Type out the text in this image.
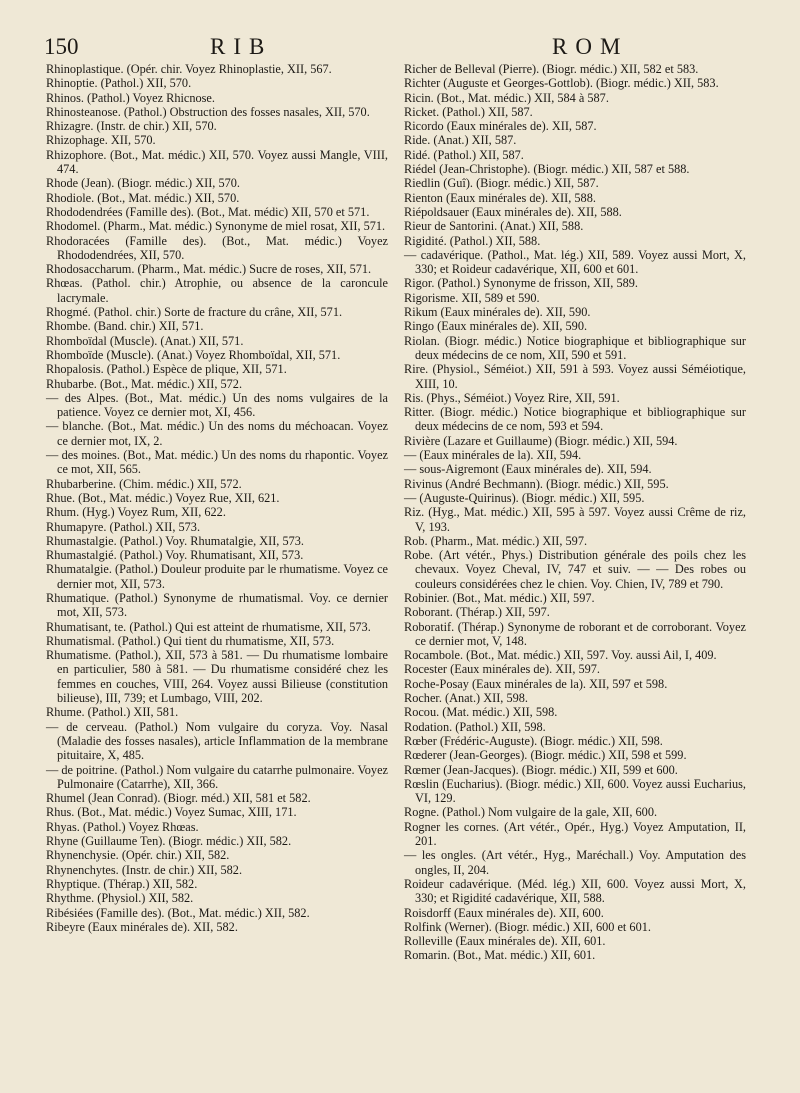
150	RIB	ROM
Rhinoplastique. (Opér. chir. Voyez Rhinoplastie, XII, 567.
Rhinoptie. (Pathol.) XII, 570.
Rhinos. (Pathol.) Voyez Rhicnose.
Rhinosteanose. (Pathol.) Obstruction des fosses nasales, XII, 570.
Rhizagre. (Instr. de chir.) XII, 570.
Rhizophage. XII, 570.
Rhizophore. (Bot., Mat. médic.) XII, 570. Voyez aussi Mangle, VIII, 474.
Rhode (Jean). (Biogr. médic.) XII, 570.
Rhodiole. (Bot., Mat. médic.) XII, 570.
Rhododendrées (Famille des). (Bot., Mat. médic) XII, 570 et 571.
Rhodomel. (Pharm., Mat. médic.) Synonyme de miel rosat, XII, 571.
Rhodoracées (Famille des). (Bot., Mat. médic.) Voyez Rhododendrées, XII, 570.
Rhodosaccharum. (Pharm., Mat. médic.) Sucre de roses, XII, 571.
Rhœas. (Pathol. chir.) Atrophie, ou absence de la caroncule lacrymale.
Rhogmé. (Pathol. chir.) Sorte de fracture du crâne, XII, 571.
Rhombe. (Band. chir.) XII, 571.
Rhomboïdal (Muscle). (Anat.) XII, 571.
Rhomboïde (Muscle). (Anat.) Voyez Rhomboïdal, XII, 571.
Rhopalosis. (Pathol.) Espèce de plique, XII, 571.
Rhubarbe. (Bot., Mat. médic.) XII, 572.
— des Alpes. (Bot., Mat. médic.) Un des noms vulgaires de la patience. Voyez ce dernier mot, XI, 456.
— blanche. (Bot., Mat. médic.) Un des noms du méchoacan. Voyez ce dernier mot, IX, 2.
— des moines. (Bot., Mat. médic.) Un des noms du rhapontic. Voyez ce mot, XII, 565.
Rhubarberine. (Chim. médic.) XII, 572.
Rhue. (Bot., Mat. médic.) Voyez Rue, XII, 621.
Rhum. (Hyg.) Voyez Rum, XII, 622.
Rhumapyre. (Pathol.) XII, 573.
Rhumastalgie. (Pathol.) Voy. Rhumatalgie, XII, 573.
Rhumastalgié. (Pathol.) Voy. Rhumatisant, XII, 573.
Rhumatalgie. (Pathol.) Douleur produite par le rhumatisme. Voyez ce dernier mot, XII, 573.
Rhumatique. (Pathol.) Synonyme de rhumatismal. Voy. ce dernier mot, XII, 573.
Rhumatisant, te. (Pathol.) Qui est atteint de rhumatisme, XII, 573.
Rhumatismal. (Pathol.) Qui tient du rhumatisme, XII, 573.
Rhumatisme. (Pathol.), XII, 573 à 581. — Du rhumatisme lombaire en particulier, 580 à 581. — Du rhumatisme considéré chez les femmes en couches, VIII, 264. Voyez aussi Bilieuse (constitution bilieuse), III, 739; et Lumbago, VIII, 202.
Rhume. (Pathol.) XII, 581.
— de cerveau. (Pathol.) Nom vulgaire du coryza. Voy. Nasal (Maladie des fosses nasales), article Inflammation de la membrane pituitaire, X, 485.
— de poitrine. (Pathol.) Nom vulgaire du catarrhe pulmonaire. Voyez Pulmonaire (Catarrhe), XII, 366.
Rhumel (Jean Conrad). (Biogr. méd.) XII, 581 et 582.
Rhus. (Bot., Mat. médic.) Voyez Sumac, XIII, 171.
Rhyas. (Pathol.) Voyez Rhœas.
Rhyne (Guillaume Ten). (Biogr. médic.) XII, 582.
Rhynenchysie. (Opér. chir.) XII, 582.
Rhynenchytes. (Instr. de chir.) XII, 582.
Rhyptique. (Thérap.) XII, 582.
Rhythme. (Physiol.) XII, 582.
Ribésiées (Famille des). (Bot., Mat. médic.) XII, 582.
Ribeyre (Eaux minérales de). XII, 582.
Richer de Belleval (Pierre). (Biogr. médic.) XII, 582 et 583.
Richter (Auguste et Georges-Gottlob). (Biogr. médic.) XII, 583.
Ricin. (Bot., Mat. médic.) XII, 584 à 587.
Ricket. (Pathol.) XII, 587.
Ricordo (Eaux minérales de). XII, 587.
Ride. (Anat.) XII, 587.
Ridé. (Pathol.) XII, 587.
Riédel (Jean-Christophe). (Biogr. médic.) XII, 587 et 588.
Riedlin (Guî). (Biogr. médic.) XII, 587.
Rienton (Eaux minérales de). XII, 588.
Riépoldsauer (Eaux minérales de). XII, 588.
Rieur de Santorini. (Anat.) XII, 588.
Rigidité. (Pathol.) XII, 588.
— cadavérique. (Pathol., Mat. lég.) XII, 589. Voyez aussi Mort, X, 330; et Roideur cadavérique, XII, 600 et 601.
Rigor. (Pathol.) Synonyme de frisson, XII, 589.
Rigorisme. XII, 589 et 590.
Rikum (Eaux minérales de). XII, 590.
Ringo (Eaux minérales de). XII, 590.
Riolan. (Biogr. médic.) Notice biographique et bibliographique sur deux médecins de ce nom, XII, 590 et 591.
Rire. (Physiol., Séméiot.) XII, 591 à 593. Voyez aussi Séméiotique, XIII, 10.
Ris. (Phys., Séméiot.) Voyez Rire, XII, 591.
Ritter. (Biogr. médic.) Notice biographique et bibliographique sur deux médecins de ce nom, 593 et 594.
Rivière (Lazare et Guillaume) (Biogr. médic.) XII, 594.
— (Eaux minérales de la). XII, 594.
— sous-Aigremont (Eaux minérales de). XII, 594.
Rivinus (André Bechmann). (Biogr. médic.) XII, 595.
— (Auguste-Quirinus). (Biogr. médic.) XII, 595.
Riz. (Hyg., Mat. médic.) XII, 595 à 597. Voyez aussi Crême de riz, V, 193.
Rob. (Pharm., Mat. médic.) XII, 597.
Robe. (Art vétér., Phys.) Distribution générale des poils chez les chevaux. Voyez Cheval, IV, 747 et suiv. — — Des robes ou couleurs considérées chez le chien. Voy. Chien, IV, 789 et 790.
Robinier. (Bot., Mat. médic.) XII, 597.
Roborant. (Thérap.) XII, 597.
Roboratif. (Thérap.) Synonyme de roborant et de corroborant. Voyez ce dernier mot, V, 148.
Rocambole. (Bot., Mat. médic.) XII, 597. Voy. aussi Ail, I, 409.
Rocester (Eaux minérales de). XII, 597.
Roche-Posay (Eaux minérales de la). XII, 597 et 598.
Rocher. (Anat.) XII, 598.
Rocou. (Mat. médic.) XII, 598.
Rodation. (Pathol.) XII, 598.
Rœber (Frédéric-Auguste). (Biogr. médic.) XII, 598.
Rœderer (Jean-Georges). (Biogr. médic.) XII, 598 et 599.
Rœmer (Jean-Jacques). (Biogr. médic.) XII, 599 et 600.
Rœslin (Eucharius). (Biogr. médic.) XII, 600. Voyez aussi Eucharius, VI, 129.
Rogne. (Pathol.) Nom vulgaire de la gale, XII, 600.
Rogner les cornes. (Art vétér., Opér., Hyg.) Voyez Amputation, II, 201.
— les ongles. (Art vétér., Hyg., Maréchall.) Voy. Amputation des ongles, II, 204.
Roideur cadavérique. (Méd. lég.) XII, 600. Voyez aussi Mort, X, 330; et Rigidité cadavérique, XII, 588.
Roisdorff (Eaux minérales de). XII, 600.
Rolfink (Werner). (Biogr. médic.) XII, 600 et 601.
Rolleville (Eaux minérales de). XII, 601.
Romarin. (Bot., Mat. médic.) XII, 601.
